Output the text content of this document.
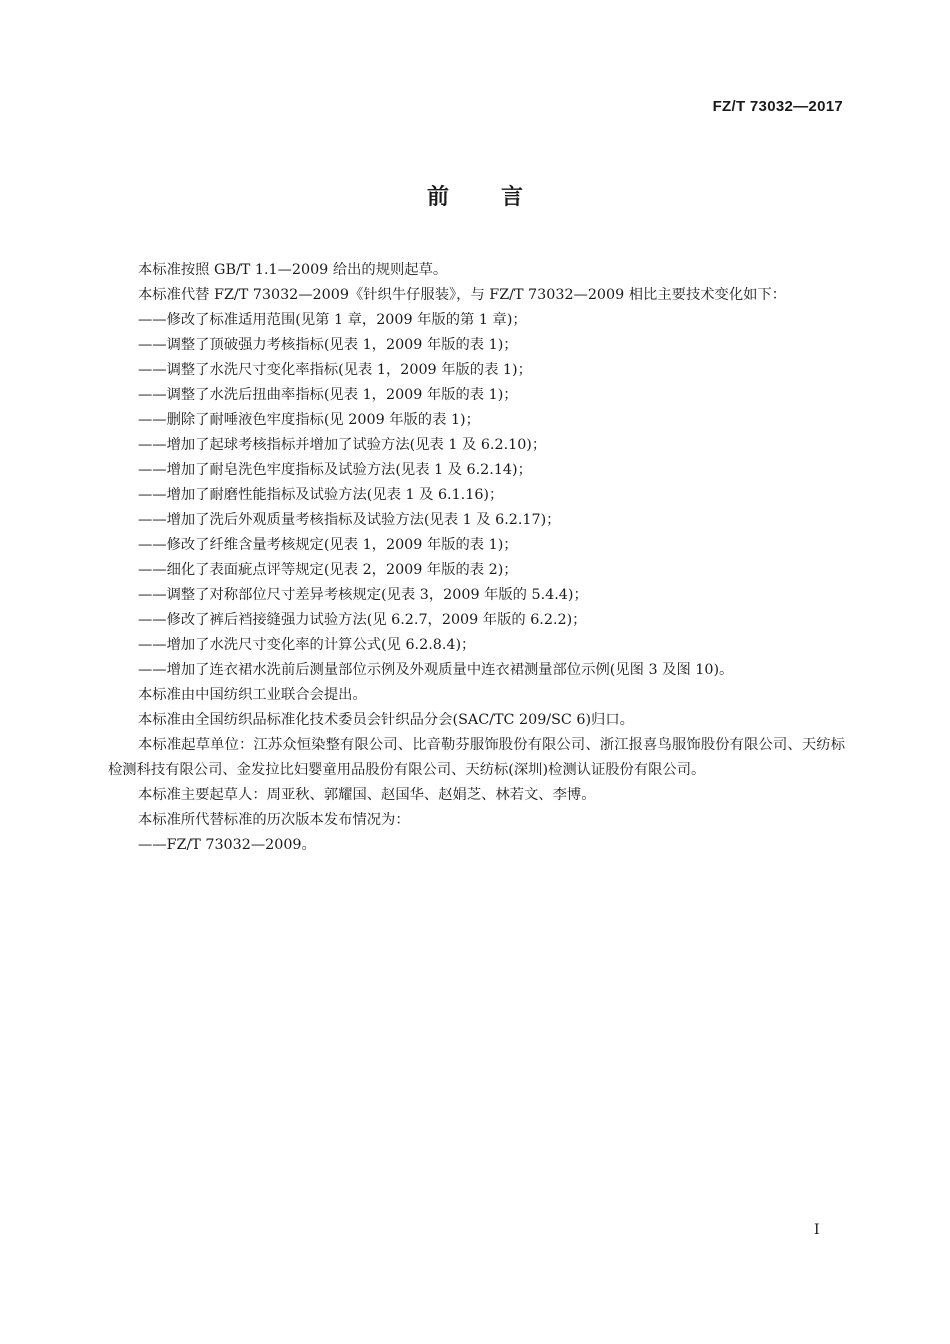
FZ/T 73032—2017
前 言

本标准按照 GB/T 1.1—2009 给出的规则起草。

本标准代替 FZ/T 73032—2009《针织牛仔服装》，与 FZ/T 73032—2009 相比主要技术变化如下：

——修改了标准适用范围(见第 1 章，2009 年版的第 1 章)；

——调整了顶破强力考核指标(见表 1，2009 年版的表 1)；

——调整了水洗尺寸变化率指标(见表 1，2009 年版的表 1)；

——调整了水洗后扭曲率指标(见表 1，2009 年版的表 1)；

——删除了耐唾液色牢度指标(见 2009 年版的表 1)；

——增加了起球考核指标并增加了试验方法(见表 1 及 6.2.10)；

——增加了耐皂洗色牢度指标及试验方法(见表 1 及 6.2.14)；

——增加了耐磨性能指标及试验方法(见表 1 及 6.1.16)；

——增加了洗后外观质量考核指标及试验方法(见表 1 及 6.2.17)；

——修改了纤维含量考核规定(见表 1，2009 年版的表 1)；

——细化了表面疵点评等规定(见表 2，2009 年版的表 2)；

——调整了对称部位尺寸差异考核规定(见表 3，2009 年版的 5.4.4)；

——修改了裤后裆接缝强力试验方法(见 6.2.7，2009 年版的 6.2.2)；

——增加了水洗尺寸变化率的计算公式(见 6.2.8.4)；

——增加了连衣裙水洗前后测量部位示例及外观质量中连衣裙测量部位示例(见图 3 及图 10)。

本标准由中国纺织工业联合会提出。

本标准由全国纺织品标准化技术委员会针织品分会(SAC/TC 209/SC 6)归口。

本标准起草单位：江苏众恒染整有限公司、比音勒芬服饰股份有限公司、浙江报喜鸟服饰股份有限公司、天纺标检测科技有限公司、金发拉比妇婴童用品股份有限公司、天纺标(深圳)检测认证股份有限公司。

本标准主要起草人：周亚秋、郭耀国、赵国华、赵娟芝、林若文、李博。

本标准所代替标准的历次版本发布情况为：

——FZ/T 73032—2009。

I
